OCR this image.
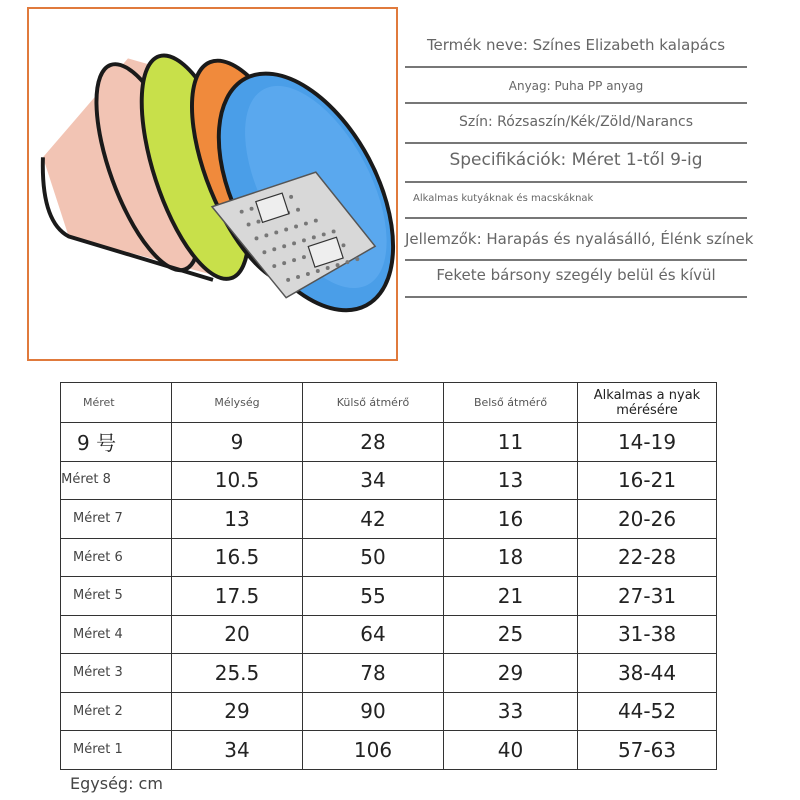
Termék neve: Színes Elizabeth kalapács
Anyag: Puha PP anyag
Szín: Rózsaszín/Kék/Zöld/Narancs
Specifikációk: Méret 1-től 9-ig
Alkalmas kutyáknak és macskáknak
Jellemzők: Harapás és nyalásálló, Élénk színek
Fekete bársony szegély belül és kívül
Méret	Mélység	Külső átmérő	Belső átmérő	Alkalmas a nyak mérésére
9 号	9	28	11	14-19
Méret 8	10.5	34	13	16-21
Méret 7	13	42	16	20-26
Méret 6	16.5	50	18	22-28
Méret 5	17.5	55	21	27-31
Méret 4	20	64	25	31-38
Méret 3	25.5	78	29	38-44
Méret 2	29	90	33	44-52
Méret 1	34	106	40	57-63
Egység: cm
